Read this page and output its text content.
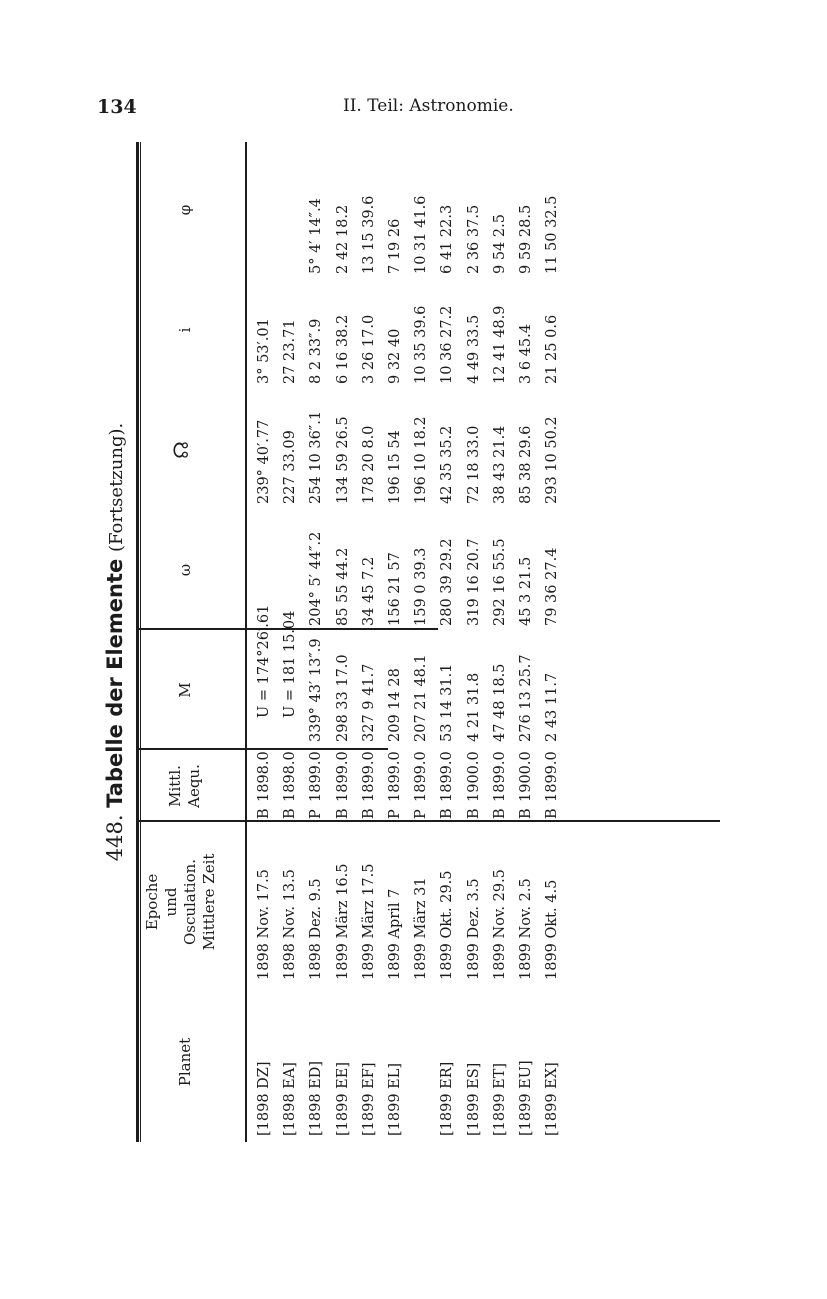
134	II. Teil: Astronomie.
448. Tabelle der Elemente (Fortsetzung).
Planet
Epoche und Osculation. Mittlere Zeit
Mittl. Aequ.
M
ω
☊
i
φ
[1898 DZ]
1898 Nov. 17.5
B
1898.0
U = 174°26′.61
239° 40′.77
3° 53′.01
[1898 EA]
1898 Nov. 13.5
B
1898.0
U = 181 15.04
227 33.09
27 23.71
[1898 ED]
1898 Dez. 9.5
P
1899.0
339° 43′ 13″.9
204° 5′ 44″.2
254 10 36″.1
8 2 33″.9
5° 4′ 14″.4
[1899 EE]
1899 März 16.5
B
1899.0
298 33 17.0
85 55 44.2
134 59 26.5
6 16 38.2
2 42 18.2
[1899 EF]
1899 März 17.5
B
1899.0
327 9 41.7
34 45 7.2
178 20 8.0
3 26 17.0
13 15 39.6
[1899 EL]
1899 April 7
P
1899.0
209 14 28
156 21 57
196 15 54
9 32 40
7 19 26
1899 März 31
P
1899.0
207 21 48.1
159 0 39.3
196 10 18.2
10 35 39.6
10 31 41.6
[1899 ER]
1899 Okt. 29.5
B
1899.0
53 14 31.1
280 39 29.2
42 35 35.2
10 36 27.2
6 41 22.3
[1899 ES]
1899 Dez. 3.5
B
1900.0
4 21 31.8
319 16 20.7
72 18 33.0
4 49 33.5
2 36 37.5
[1899 ET]
1899 Nov. 29.5
B
1899.0
47 48 18.5
292 16 55.5
38 43 21.4
12 41 48.9
9 54 2.5
[1899 EU]
1899 Nov. 2.5
B
1900.0
276 13 25.7
45 3 21.5
85 38 29.6
3 6 45.4
9 59 28.5
[1899 EX]
1899 Okt. 4.5
B
1899.0
2 43 11.7
79 36 27.4
293 10 50.2
21 25 0.6
11 50 32.5
